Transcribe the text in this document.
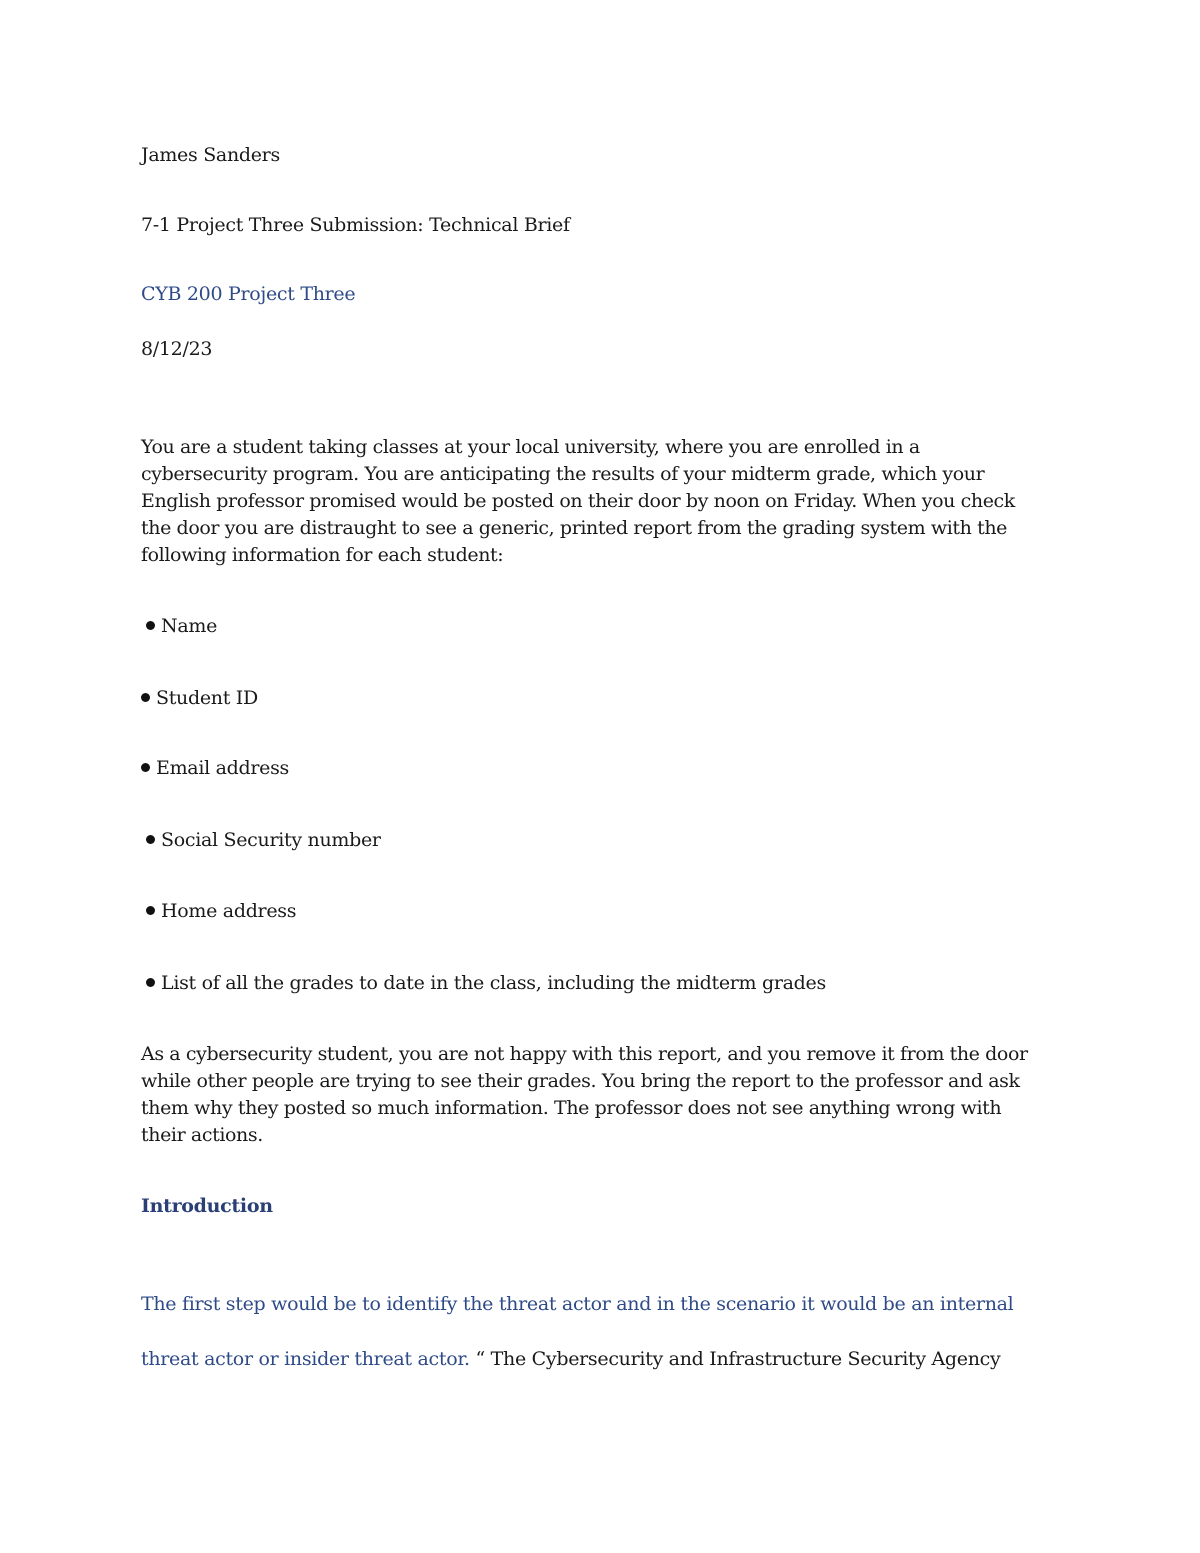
James Sanders
7-1 Project Three Submission: Technical Brief
CYB 200 Project Three
8/12/23
You are a student taking classes at your local university, where you are enrolled in a
cybersecurity program. You are anticipating the results of your midterm grade, which your
English professor promised would be posted on their door by noon on Friday. When you check
the door you are distraught to see a generic, printed report from the grading system with the
following information for each student:
Name
Student ID
Email address
Social Security number
Home address
List of all the grades to date in the class, including the midterm grades
As a cybersecurity student, you are not happy with this report, and you remove it from the door
while other people are trying to see their grades. You bring the report to the professor and ask
them why they posted so much information. The professor does not see anything wrong with
their actions.
Introduction
The first step would be to identify the threat actor and in the scenario it would be an internal
threat actor or insider threat actor. “ The Cybersecurity and Infrastructure Security Agency
